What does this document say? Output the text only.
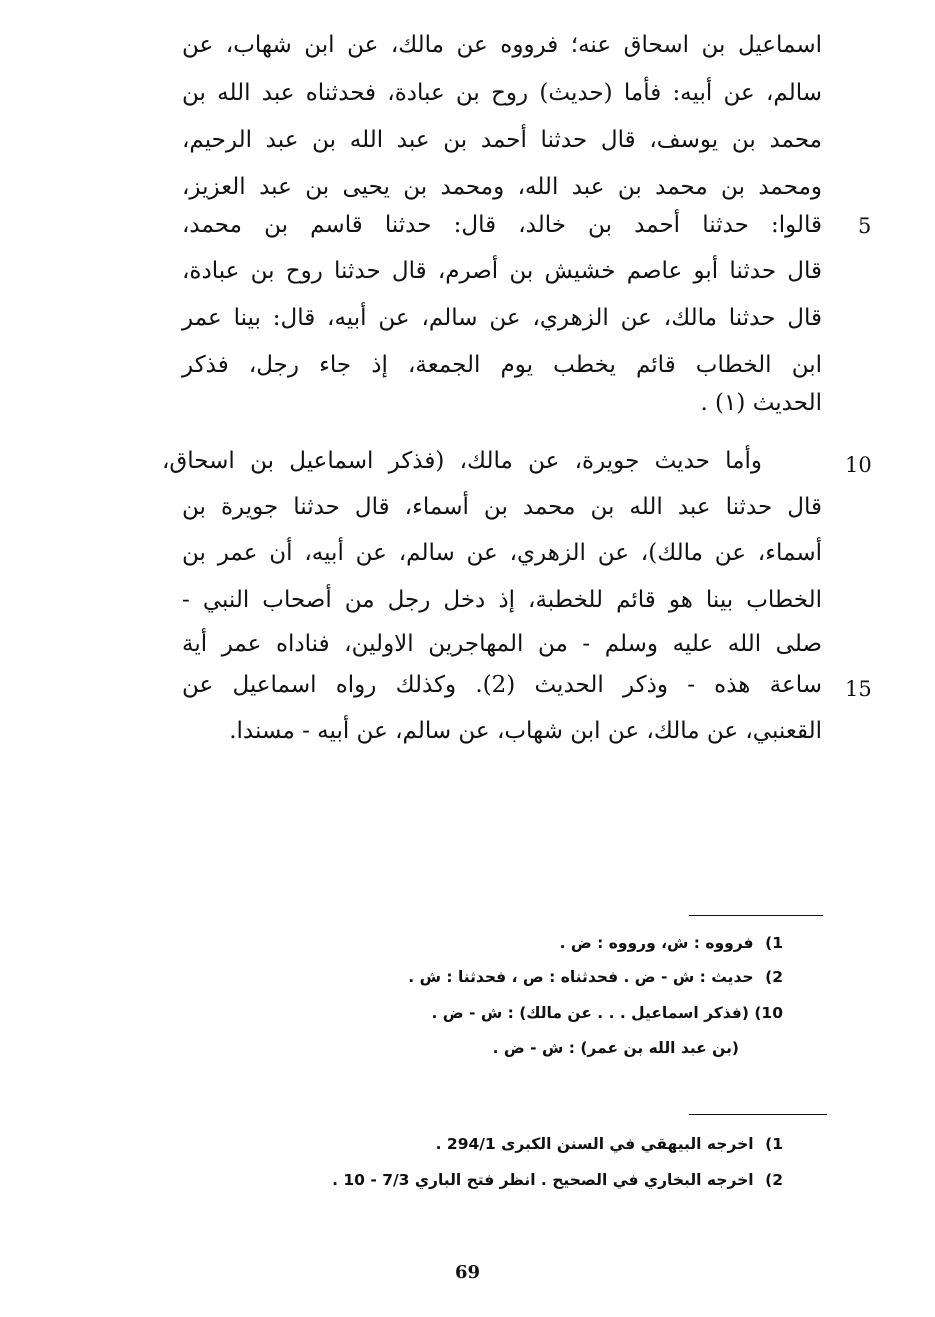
اسماعيل بن اسحاق عنه؛ فرووه عن مالك، عن ابن شهاب، عن
سالم، عن أبيه: فأما (حديث) روح بن عبادة، فحدثناه عبد الله بن
محمد بن يوسف، قال حدثنا أحمد بن عبد الله بن عبد الرحيم،
ومحمد بن محمد بن عبد الله، ومحمد بن يحيى بن عبد العزيز،
قالوا: حدثنا أحمد بن خالد، قال: حدثنا قاسم بن محمد،
قال حدثنا أبو عاصم خشيش بن أصرم، قال حدثنا روح بن عبادة،
قال حدثنا مالك، عن الزهري، عن سالم، عن أبيه، قال: بينا عمر
ابن الخطاب قائم يخطب يوم الجمعة، إذ جاء رجل، فذكر
الحديث (١) .
وأما حديث جويرة، عن مالك، (فذكر اسماعيل بن اسحاق،
قال حدثنا عبد الله بن محمد بن أسماء، قال حدثنا جويرة بن
أسماء، عن مالك)، عن الزهري، عن سالم، عن أبيه، أن عمر بن
الخطاب بينا هو قائم للخطبة، إذ دخل رجل من أصحاب النبي -
صلى الله عليه وسلم - من المهاجرين الاولين، فناداه عمر أية
ساعة هذه - وذكر الحديث (2). وكذلك رواه اسماعيل عن
القعنبي، عن مالك، عن ابن شهاب، عن سالم، عن أبيه - مسندا.
5
10
15
1) فرووه : ش، ورووه : ض .
2) حديث : ش - ض . فحدثناه : ص ، فحدثنا : ش .
10) (فذكر اسماعيل . . . عن مالك) : ش - ض .
(بن عبد الله بن عمر) : ش - ض .
1) اخرجه البيهقي في السنن الكبرى 294/1 .
2) اخرجه البخاري في الصحيح . انظر فتح الباري 7/3 - 10 .
69
